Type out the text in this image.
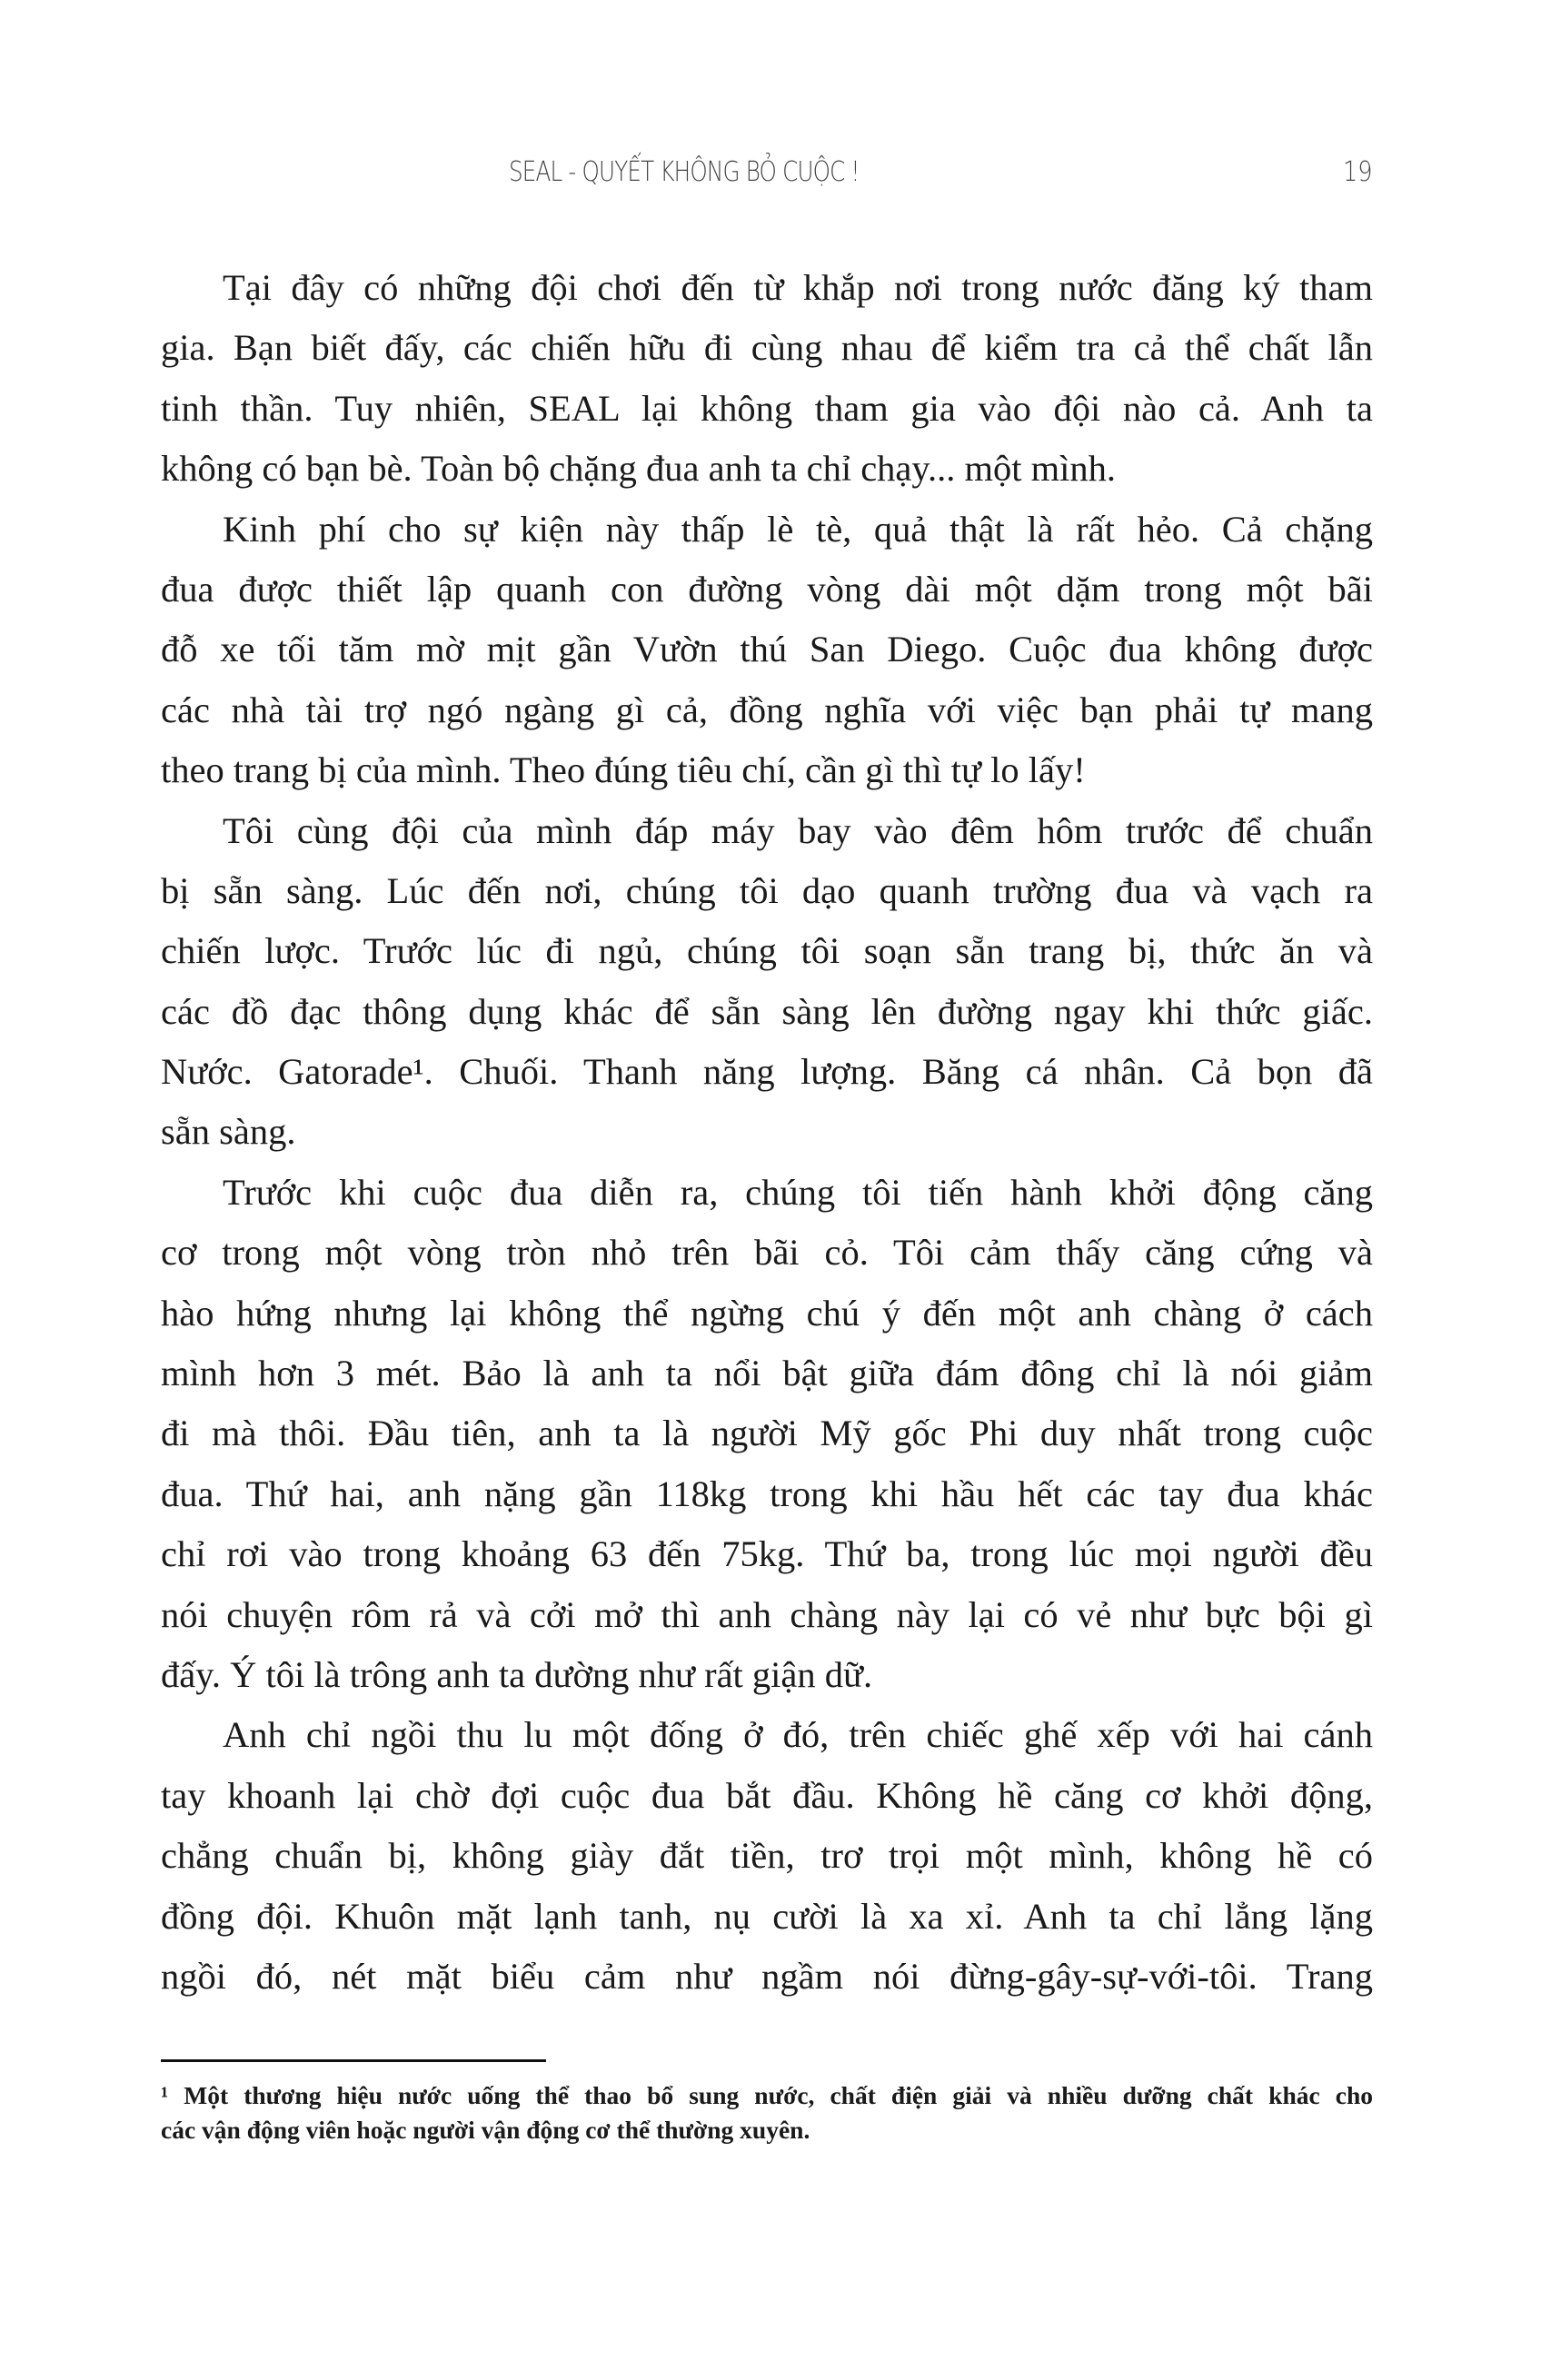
SEAL - QUYẾT KHÔNG BỎ CUỘC !	19
Tại đây có những đội chơi đến từ khắp nơi trong nước đăng ký tham
gia. Bạn biết đấy, các chiến hữu đi cùng nhau để kiểm tra cả thể chất lẫn
tinh thần. Tuy nhiên, SEAL lại không tham gia vào đội nào cả. Anh ta
không có bạn bè. Toàn bộ chặng đua anh ta chỉ chạy... một mình.
Kinh phí cho sự kiện này thấp lè tè, quả thật là rất hẻo. Cả chặng
đua được thiết lập quanh con đường vòng dài một dặm trong một bãi
đỗ xe tối tăm mờ mịt gần Vườn thú San Diego. Cuộc đua không được
các nhà tài trợ ngó ngàng gì cả, đồng nghĩa với việc bạn phải tự mang
theo trang bị của mình. Theo đúng tiêu chí, cần gì thì tự lo lấy!
Tôi cùng đội của mình đáp máy bay vào đêm hôm trước để chuẩn
bị sẵn sàng. Lúc đến nơi, chúng tôi dạo quanh trường đua và vạch ra
chiến lược. Trước lúc đi ngủ, chúng tôi soạn sẵn trang bị, thức ăn và
các đồ đạc thông dụng khác để sẵn sàng lên đường ngay khi thức giấc.
Nước. Gatorade¹. Chuối. Thanh năng lượng. Băng cá nhân. Cả bọn đã
sẵn sàng.
Trước khi cuộc đua diễn ra, chúng tôi tiến hành khởi động căng
cơ trong một vòng tròn nhỏ trên bãi cỏ. Tôi cảm thấy căng cứng và
hào hứng nhưng lại không thể ngừng chú ý đến một anh chàng ở cách
mình hơn 3 mét. Bảo là anh ta nổi bật giữa đám đông chỉ là nói giảm
đi mà thôi. Đầu tiên, anh ta là người Mỹ gốc Phi duy nhất trong cuộc
đua. Thứ hai, anh nặng gần 118kg trong khi hầu hết các tay đua khác
chỉ rơi vào trong khoảng 63 đến 75kg. Thứ ba, trong lúc mọi người đều
nói chuyện rôm rả và cởi mở thì anh chàng này lại có vẻ như bực bội gì
đấy. Ý tôi là trông anh ta dường như rất giận dữ.
Anh chỉ ngồi thu lu một đống ở đó, trên chiếc ghế xếp với hai cánh
tay khoanh lại chờ đợi cuộc đua bắt đầu. Không hề căng cơ khởi động,
chẳng chuẩn bị, không giày đắt tiền, trơ trọi một mình, không hề có
đồng đội. Khuôn mặt lạnh tanh, nụ cười là xa xỉ. Anh ta chỉ lẳng lặng
ngồi đó, nét mặt biểu cảm như ngầm nói đừng-gây-sự-với-tôi. Trang
¹ Một thương hiệu nước uống thể thao bổ sung nước, chất điện giải và nhiều dưỡng chất khác cho
các vận động viên hoặc người vận động cơ thể thường xuyên.
